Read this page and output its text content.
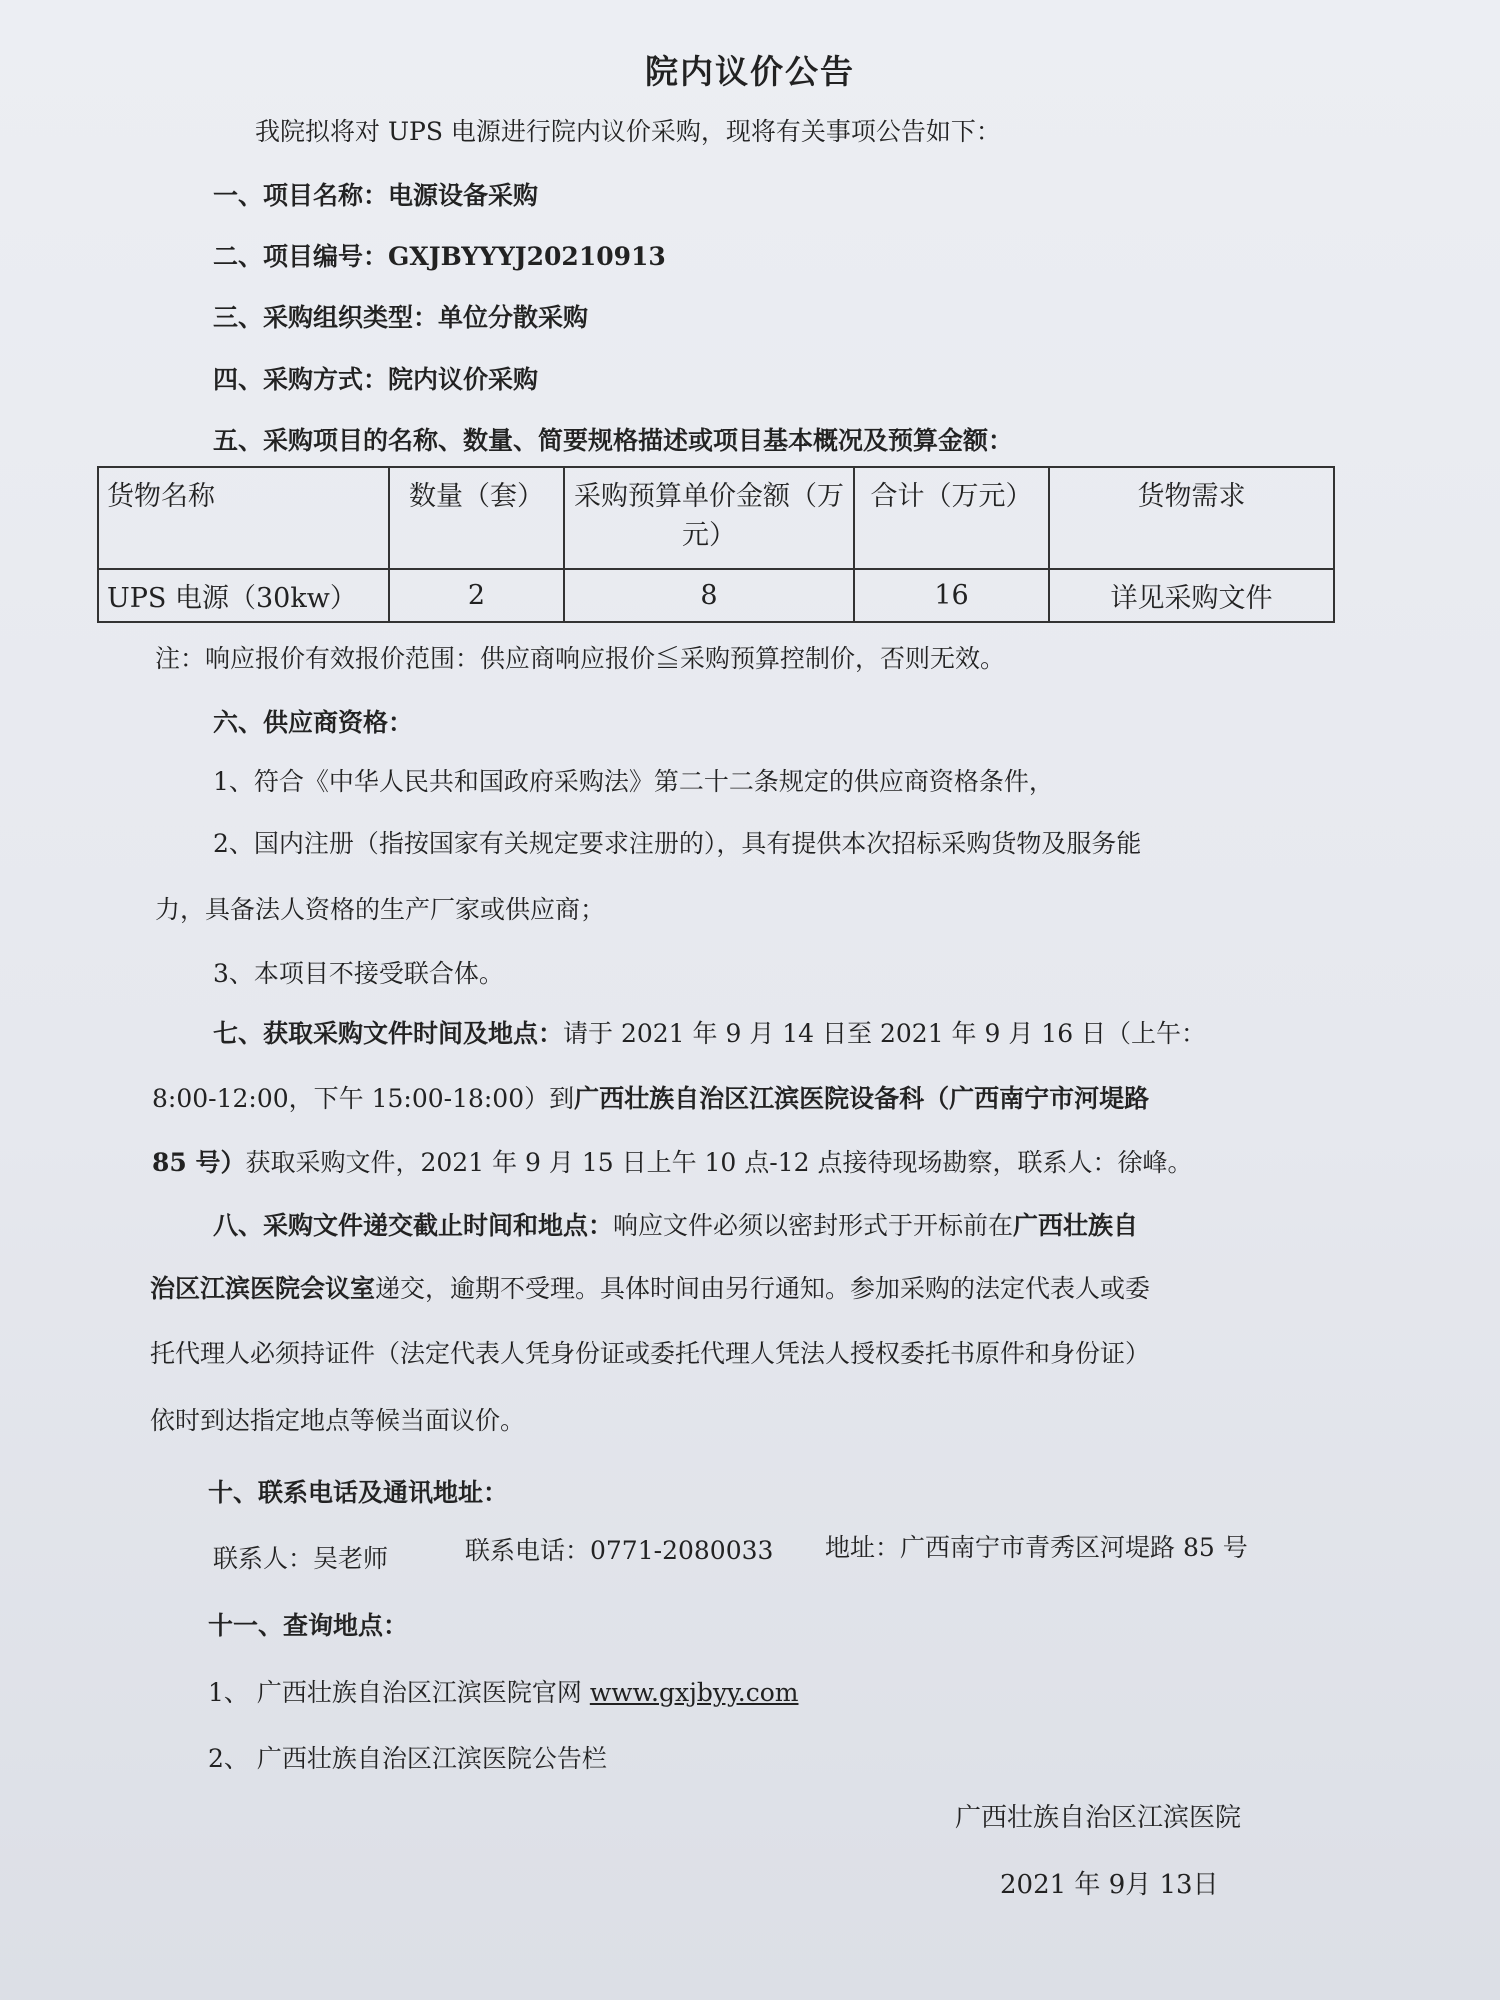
院内议价公告
我院拟将对 UPS 电源进行院内议价采购，现将有关事项公告如下：
一、项目名称：电源设备采购
二、项目编号：GXJBYYYJ20210913
三、采购组织类型：单位分散采购
四、采购方式：院内议价采购
五、采购项目的名称、数量、简要规格描述或项目基本概况及预算金额：
货物名称	数量（套）	采购预算单价金额（万元）	合计（万元）	货物需求
UPS 电源（30kw）	2	8	16	详见采购文件
注：响应报价有效报价范围：供应商响应报价≦采购预算控制价，否则无效。
六、供应商资格：
1、符合《中华人民共和国政府采购法》第二十二条规定的供应商资格条件，
2、国内注册（指按国家有关规定要求注册的），具有提供本次招标采购货物及服务能
力，具备法人资格的生产厂家或供应商；
3、本项目不接受联合体。
七、获取采购文件时间及地点：请于 2021 年 9 月 14 日至 2021 年 9 月 16 日（上午：
8:00-12:00，下午 15:00-18:00）到广西壮族自治区江滨医院设备科（广西南宁市河堤路
85 号）获取采购文件，2021 年 9 月 15 日上午 10 点-12 点接待现场勘察，联系人：徐峰。
八、采购文件递交截止时间和地点：响应文件必须以密封形式于开标前在广西壮族自
治区江滨医院会议室递交，逾期不受理。具体时间由另行通知。参加采购的法定代表人或委
托代理人必须持证件（法定代表人凭身份证或委托代理人凭法人授权委托书原件和身份证）
依时到达指定地点等候当面议价。
十、联系电话及通讯地址：
联系人：吴老师	联系电话：0771-2080033 地址：广西南宁市青秀区河堤路 85 号
十一、查询地点：
1、 广西壮族自治区江滨医院官网 www.gxjbyy.com
2、 广西壮族自治区江滨医院公告栏
广西壮族自治区江滨医院
2021 年 9月 13日
